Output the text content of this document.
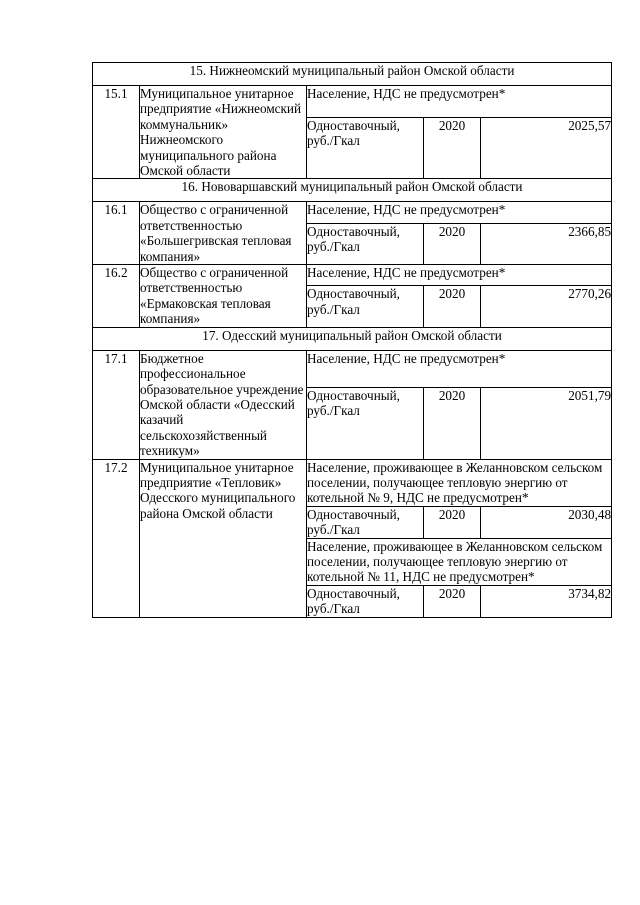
15. Нижнеомский муниципальный район Омской области				
15.1	Муниципальное унитарное предприятие «Нижнеомский коммунальник» Нижнеомского муниципального района Омской области	Население, НДС не предусмотрен*		
		Одноставочный, руб./Гкал	2020	2025,57
16. Нововаршавский муниципальный район Омской области				
16.1	Общество с ограниченной ответственностью «Большегривская тепловая компания»	Население, НДС не предусмотрен*		
		Одноставочный, руб./Гкал	2020	2366,85
16.2	Общество с ограниченной ответственностью «Ермаковская тепловая компания»	Население, НДС не предусмотрен*		
		Одноставочный, руб./Гкал	2020	2770,26
17. Одесский муниципальный район Омской области				
17.1	Бюджетное профессиональное образовательное учреждение Омской области «Одесский казачий сельскохозяйственный техникум»	Население, НДС не предусмотрен*		
		Одноставочный, руб./Гкал	2020	2051,79
17.2	Муниципальное унитарное предприятие «Тепловик» Одесского муниципального района Омской области	Население, проживающее в Желанновском сельском поселении, получающее тепловую энергию от котельной № 9, НДС не предусмотрен*		
		Одноставочный, руб./Гкал	2020	2030,48
		Население, проживающее в Желанновском сельском поселении, получающее тепловую энергию от котельной № 11, НДС не предусмотрен*		
		Одноставочный, руб./Гкал	2020	3734,82
